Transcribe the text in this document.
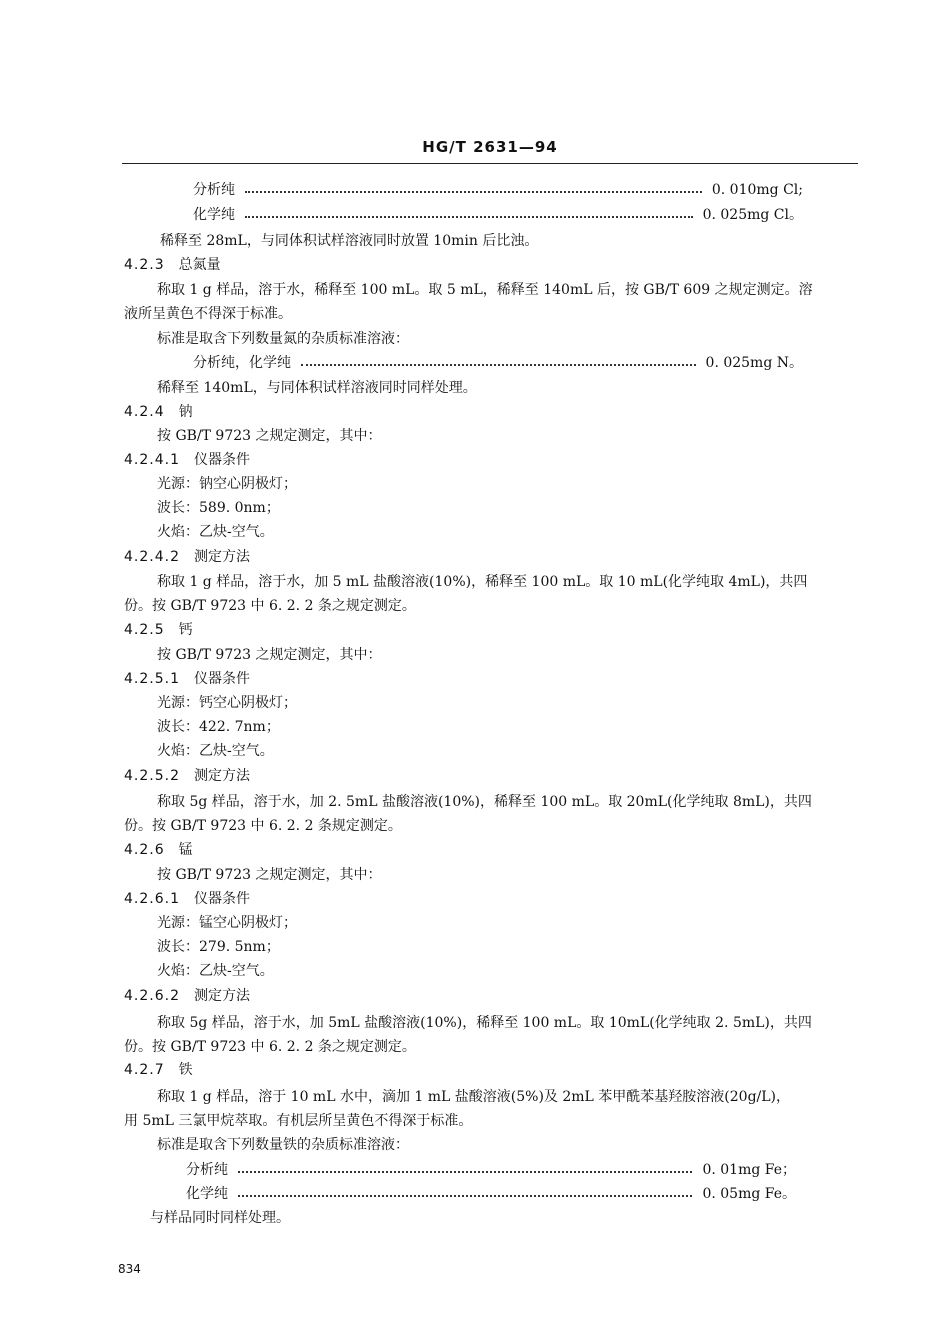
HG/T 2631—94
分析纯	0. 010mg Cl;
化学纯	0. 025mg Cl。
稀释至 28mL，与同体积试样溶液同时放置 10min 后比浊。
4.2.3 总氮量
称取 1 g 样品，溶于水，稀释至 100 mL。取 5 mL，稀释至 140mL 后，按 GB/T 609 之规定测定。溶
液所呈黄色不得深于标准。
标准是取含下列数量氮的杂质标准溶液：
分析纯，化学纯	0. 025mg N。
稀释至 140mL，与同体积试样溶液同时同样处理。
4.2.4 钠
按 GB/T 9723 之规定测定，其中：
4.2.4.1 仪器条件
光源：钠空心阴极灯；
波长：589. 0nm；
火焰：乙炔-空气。
4.2.4.2 测定方法
称取 1 g 样品，溶于水，加 5 mL 盐酸溶液(10%)，稀释至 100 mL。取 10 mL(化学纯取 4mL)，共四
份。按 GB/T 9723 中 6. 2. 2 条之规定测定。
4.2.5 钙
按 GB/T 9723 之规定测定，其中：
4.2.5.1 仪器条件
光源：钙空心阴极灯；
波长：422. 7nm；
火焰：乙炔-空气。
4.2.5.2 测定方法
称取 5g 样品，溶于水，加 2. 5mL 盐酸溶液(10%)，稀释至 100 mL。取 20mL(化学纯取 8mL)，共四
份。按 GB/T 9723 中 6. 2. 2 条规定测定。
4.2.6 锰
按 GB/T 9723 之规定测定，其中：
4.2.6.1 仪器条件
光源：锰空心阴极灯；
波长：279. 5nm；
火焰：乙炔-空气。
4.2.6.2 测定方法
称取 5g 样品，溶于水，加 5mL 盐酸溶液(10%)，稀释至 100 mL。取 10mL(化学纯取 2. 5mL)，共四
份。按 GB/T 9723 中 6. 2. 2 条之规定测定。
4.2.7 铁
称取 1 g 样品，溶于 10 mL 水中，滴加 1 mL 盐酸溶液(5%)及 2mL 苯甲酰苯基羟胺溶液(20g/L)，
用 5mL 三氯甲烷萃取。有机层所呈黄色不得深于标准。
标准是取含下列数量铁的杂质标准溶液：
分析纯	0. 01mg Fe；
化学纯	0. 05mg Fe。
与样品同时同样处理。
834
